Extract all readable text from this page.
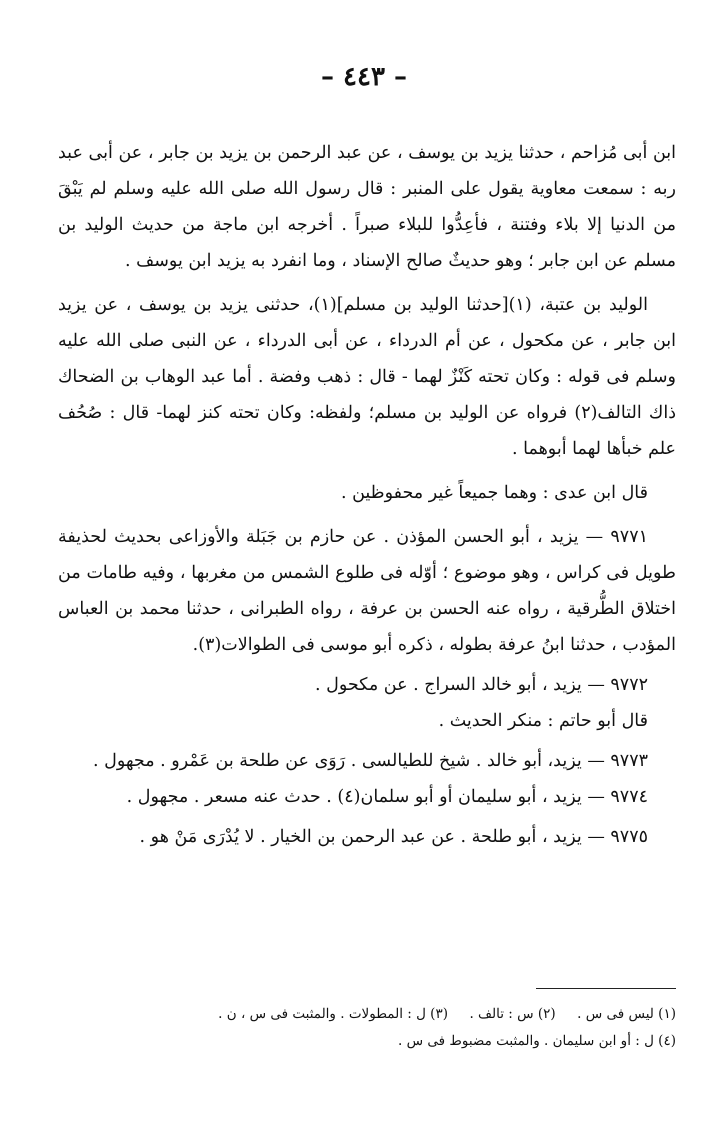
– ٤٤٣ –

ابن أبى مُزاحم ، حدثنا يزيد بن يوسف ، عن عبد الرحمن بن يزيد بن جابر ، عن أبى عبد ربه : سمعت معاوية يقول على المنبر : قال رسول الله صلى الله عليه وسلم لم يَبْقَ من الدنيا إلا بلاء وفتنة ، فأعِدُّوا للبلاء صبراً . أخرجه ابن ماجة من حديث الوليد بن مسلم عن ابن جابر ؛ وهو حديثٌ صالح الإسناد ، وما انفرد به يزيد ابن يوسف .

الوليد بن عتبة، (١)[حدثنا الوليد بن مسلم](١)، حدثنى يزيد بن يوسف ، عن يزيد ابن جابر ، عن مكحول ، عن أم الدرداء ، عن أبى الدرداء ، عن النبى صلى الله عليه وسلم فى قوله : وكان تحته كَنْزٌ لهما - قال : ذهب وفضة . أما عبد الوهاب بن الضحاك ذاك التالف(٢) فرواه عن الوليد بن مسلم؛ ولفظه: وكان تحته كنز لهما- قال : صُحُف علم خبأها لهما أبوهما .

قال ابن عدى : وهما جميعاً غير محفوظين .

٩٧٧١ — يزيد ، أبو الحسن المؤذن . عن حازم بن جَبَلة والأوزاعى بحديث لحذيفة طويل فى كراس ، وهو موضوع ؛ أوّله فى طلوع الشمس من مغربها ، وفيه طامات من اختلاق الطُّرقية ، رواه عنه الحسن بن عرفة ، رواه الطبرانى ، حدثنا محمد بن العباس المؤدب ، حدثنا ابنُ عرفة بطوله ، ذكره أبو موسى فى الطوالات(٣).

٩٧٧٢ — يزيد ، أبو خالد السراج . عن مكحول .

قال أبو حاتم : منكر الحديث .

٩٧٧٣ — يزيد، أبو خالد . شيخ للطيالسى . رَوَى عن طلحة بن عَمْرو . مجهول .

٩٧٧٤ — يزيد ، أبو سليمان أو أبو سلمان(٤) . حدث عنه مسعر . مجهول .

٩٧٧٥ — يزيد ، أبو طلحة . عن عبد الرحمن بن الخيار . لا يُدْرَى مَنْ هو .

(١) ليس فى س .     (٢) س : تالف .     (٣) ل : المطولات . والمثبت فى س ، ن .

(٤) ل : أو ابن سليمان . والمثبت مضبوط فى س .
